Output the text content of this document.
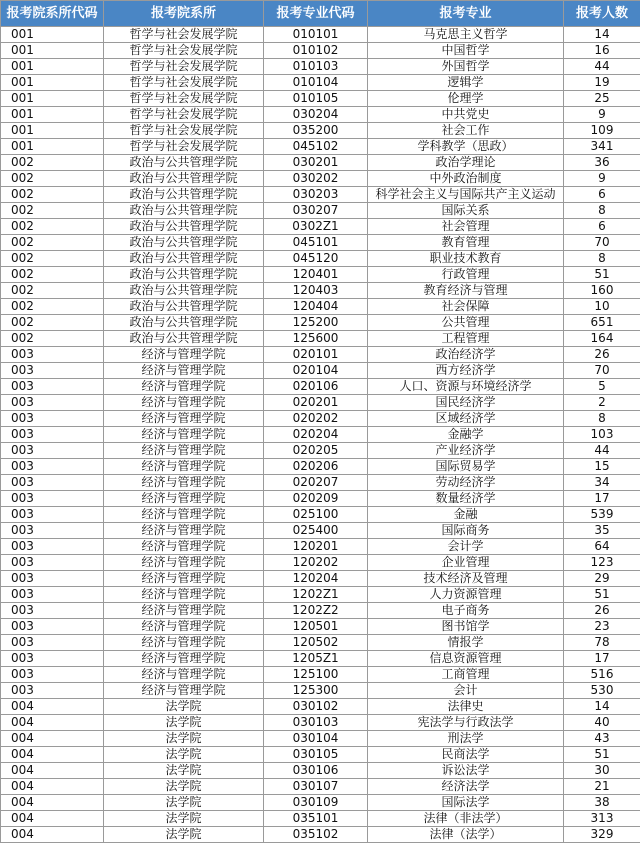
报考院系所代码	报考院系所	报考专业代码	报考专业	报考人数
001	哲学与社会发展学院	010101	马克思主义哲学	14
001	哲学与社会发展学院	010102	中国哲学	16
001	哲学与社会发展学院	010103	外国哲学	44
001	哲学与社会发展学院	010104	逻辑学	19
001	哲学与社会发展学院	010105	伦理学	25
001	哲学与社会发展学院	030204	中共党史	9
001	哲学与社会发展学院	035200	社会工作	109
001	哲学与社会发展学院	045102	学科教学（思政）	341
002	政治与公共管理学院	030201	政治学理论	36
002	政治与公共管理学院	030202	中外政治制度	9
002	政治与公共管理学院	030203	科学社会主义与国际共产主义运动	6
002	政治与公共管理学院	030207	国际关系	8
002	政治与公共管理学院	0302Z1	社会管理	6
002	政治与公共管理学院	045101	教育管理	70
002	政治与公共管理学院	045120	职业技术教育	8
002	政治与公共管理学院	120401	行政管理	51
002	政治与公共管理学院	120403	教育经济与管理	160
002	政治与公共管理学院	120404	社会保障	10
002	政治与公共管理学院	125200	公共管理	651
002	政治与公共管理学院	125600	工程管理	164
003	经济与管理学院	020101	政治经济学	26
003	经济与管理学院	020104	西方经济学	70
003	经济与管理学院	020106	人口、资源与环境经济学	5
003	经济与管理学院	020201	国民经济学	2
003	经济与管理学院	020202	区域经济学	8
003	经济与管理学院	020204	金融学	103
003	经济与管理学院	020205	产业经济学	44
003	经济与管理学院	020206	国际贸易学	15
003	经济与管理学院	020207	劳动经济学	34
003	经济与管理学院	020209	数量经济学	17
003	经济与管理学院	025100	金融	539
003	经济与管理学院	025400	国际商务	35
003	经济与管理学院	120201	会计学	64
003	经济与管理学院	120202	企业管理	123
003	经济与管理学院	120204	技术经济及管理	29
003	经济与管理学院	1202Z1	人力资源管理	51
003	经济与管理学院	1202Z2	电子商务	26
003	经济与管理学院	120501	图书馆学	23
003	经济与管理学院	120502	情报学	78
003	经济与管理学院	1205Z1	信息资源管理	17
003	经济与管理学院	125100	工商管理	516
003	经济与管理学院	125300	会计	530
004	法学院	030102	法律史	14
004	法学院	030103	宪法学与行政法学	40
004	法学院	030104	刑法学	43
004	法学院	030105	民商法学	51
004	法学院	030106	诉讼法学	30
004	法学院	030107	经济法学	21
004	法学院	030109	国际法学	38
004	法学院	035101	法律（非法学）	313
004	法学院	035102	法律（法学）	329
